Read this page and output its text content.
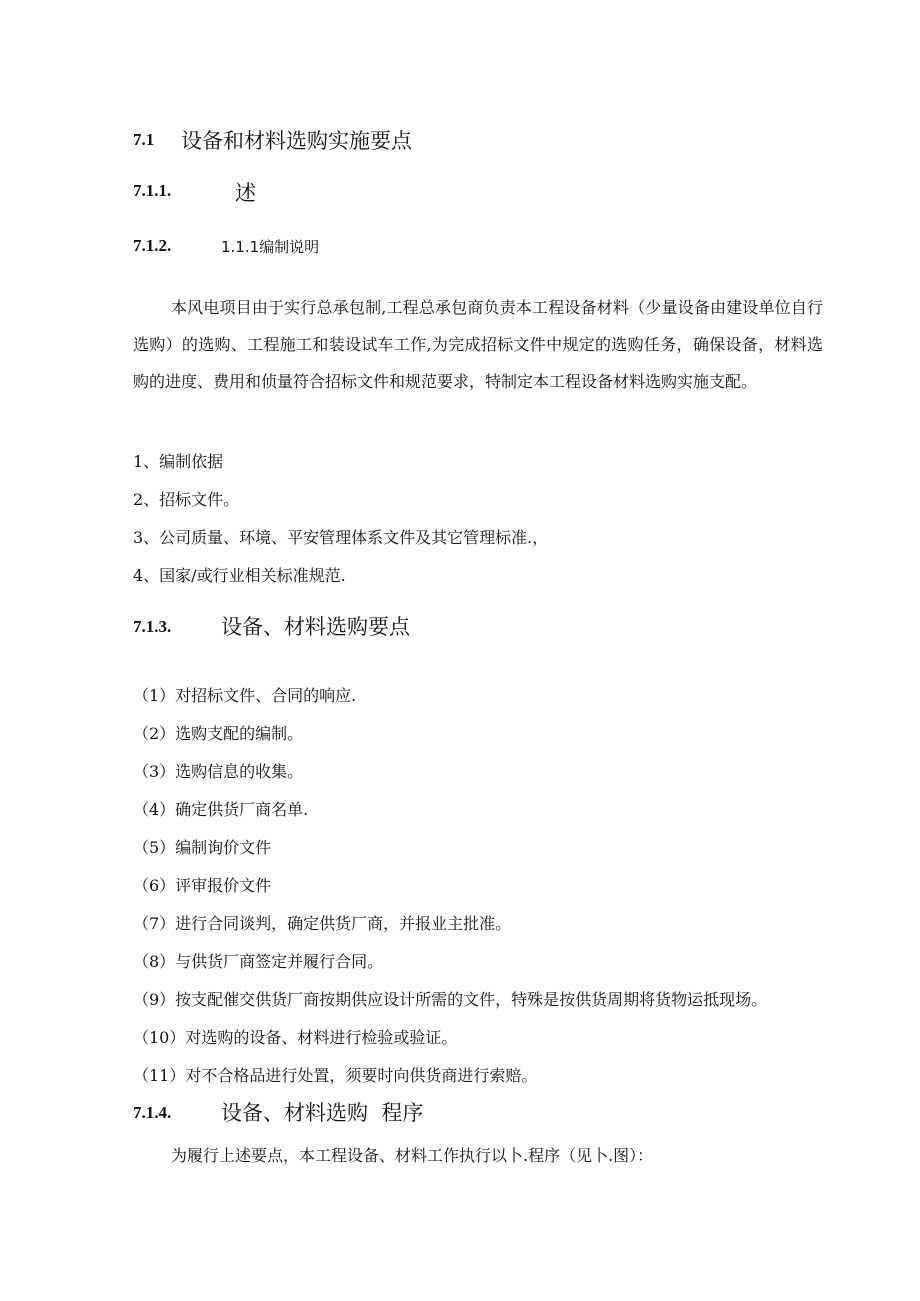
7.1 设备和材料选购实施要点
7.1.1.	述
7.1.2.	1.1.1编制说明
本风电项目由于实行总承包制,工程总承包商负责本工程设备材料（少量设备由建设单位自行选购）的选购、工程施工和装设试车工作,为完成招标文件中规定的选购任务，确保设备，材料选购的进度、费用和侦量符合招标文件和规范要求，特制定本工程设备材料选购实施支配。
1、编制依据
2、招标文件。
3、公司质量、环境、平安管理体系文件及其它管理标准.，
4、国家/或行业相关标准规范.
7.1.3. 设备、材料选购要点
（1）对招标文件、合同的响应.
（2）选购支配的编制。
（3）选购信息的收集。
（4）确定供货厂商名单.
（5）编制询价文件
（6）评审报价文件
（7）进行合同谈判，确定供货厂商，并报业主批准。
（8）与供货厂商签定并履行合同。
（9）按支配催交供货厂商按期供应设计所需的文件，特殊是按供货周期将货物运抵现场。
（10）对选购的设备、材料进行检验或验证。
（11）对不合格品进行处置，须要时向供货商进行索赔。
7.1.4. 设备、材料选购  程序
为履行上述要点，本工程设备、材料工作执行以卜.程序（见卜.图）：
